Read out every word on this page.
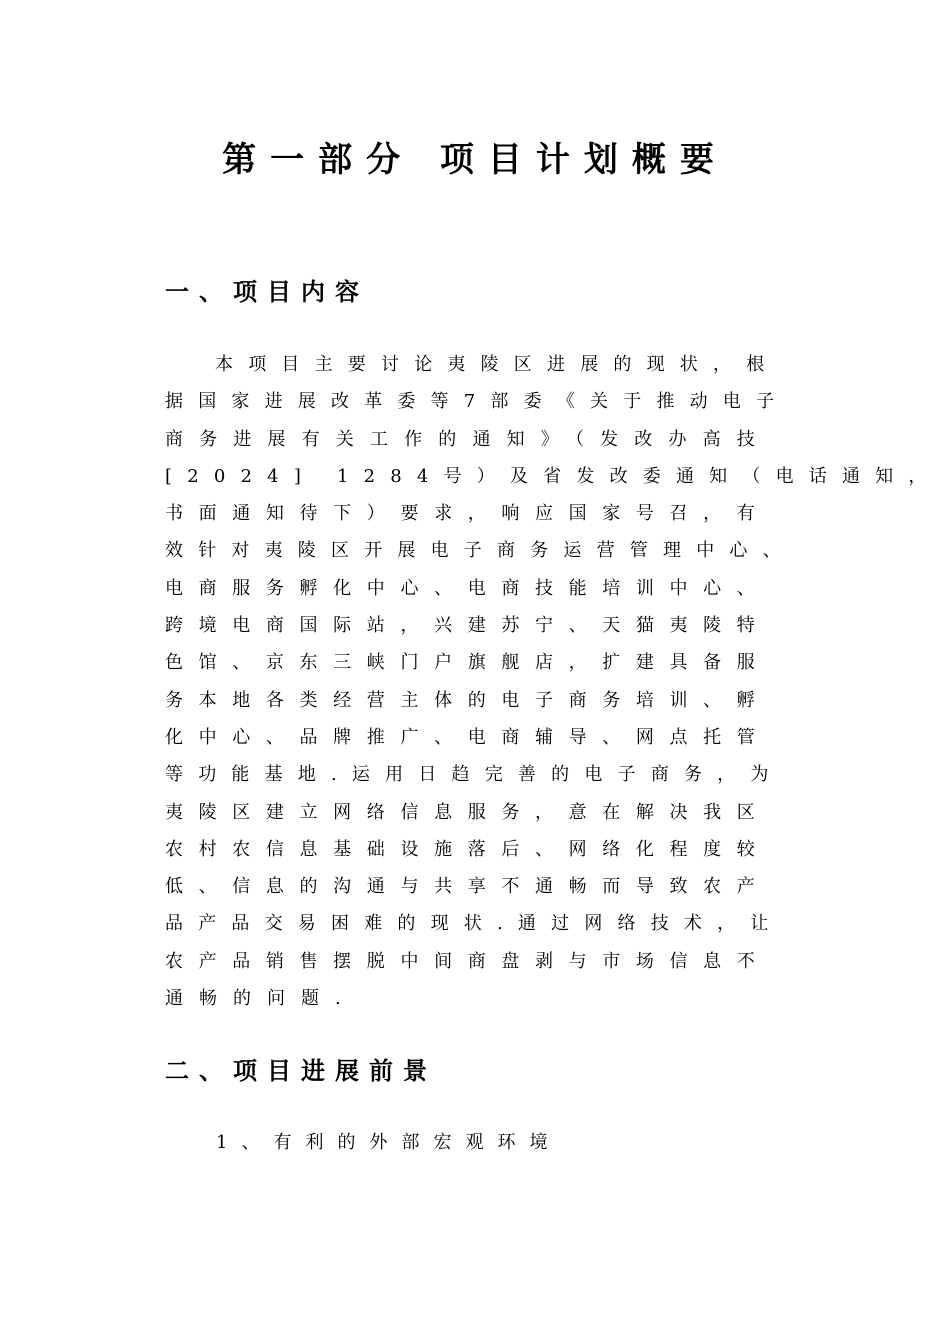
第一部分 项目计划概要
一、项目内容
本项目主要讨论夷陵区进展的现状，根
据国家进展改革委等7部委《关于推动电子
商务进展有关工作的通知》（发改办高技
[2024] 1284号）及省发改委通知（电话通知，
书面通知待下）要求，响应国家号召，有
效针对夷陵区开展电子商务运营管理中心、
电商服务孵化中心、电商技能培训中心、
跨境电商国际站，兴建苏宁、天猫夷陵特
色馆、京东三峡门户旗舰店，扩建具备服
务本地各类经营主体的电子商务培训、孵
化中心、品牌推广、电商辅导、网点托管
等功能基地.运用日趋完善的电子商务，为
夷陵区建立网络信息服务，意在解决我区
农村农信息基础设施落后、网络化程度较
低、信息的沟通与共享不通畅而导致农产
品产品交易困难的现状.通过网络技术，让
农产品销售摆脱中间商盘剥与市场信息不
通畅的问题.
二、项目进展前景

1、有利的外部宏观环境
